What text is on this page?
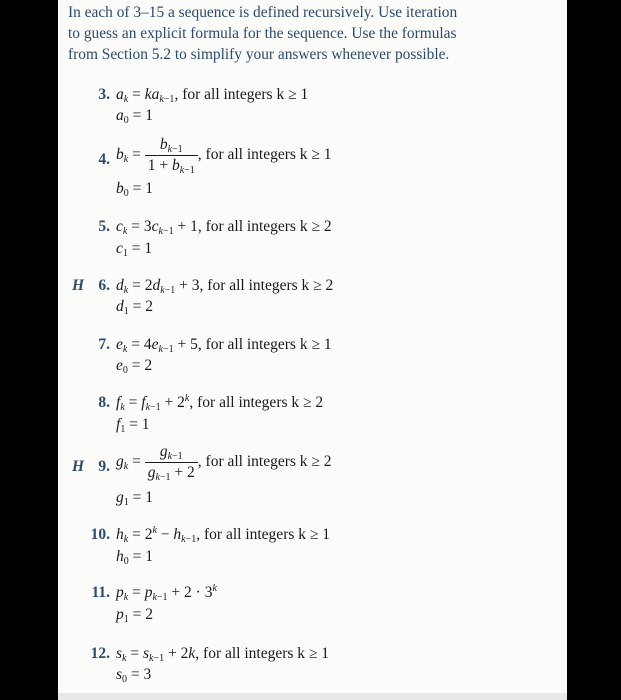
In each of 3–15 a sequence is defined recursively. Use iteration
to guess an explicit formula for the sequence. Use the formulas
from Section 5.2 to simplify your answers whenever possible.
3. $a_k = ka_{k-1}$, for all integers k ≥ 1
$a_0 = 1$
4. $b_k = \frac{b_{k-1}}{1 + b_{k-1}}$ , for all integers k ≥ 1
$b_0 = 1$
5. $c_k = 3c_{k-1} + 1$, for all integers k ≥ 2
$c_1 = 1$
H 6. $d_k = 2d_{k-1} + 3$, for all integers k ≥ 2
$d_1 = 2$
7. $e_k = 4e_{k-1} + 5$, for all integers k ≥ 1
$e_0 = 2$
8. $f_k = f_{k-1} + 2^k$, for all integers k ≥ 2
$f_1 = 1$
H 9. $g_k = \frac{g_{k-1}}{g_{k-1} + 2}$ , for all integers k ≥ 2
$g_1 = 1$
10. $h_k = 2^k - h_{k-1}$, for all integers k ≥ 1
$h_0 = 1$
11. $p_k = p_{k-1} + 2 \cdot 3^k$
$p_1 = 2$
12. $s_k = s_{k-1} + 2k$, for all integers k ≥ 1
$s_0 = 3$
